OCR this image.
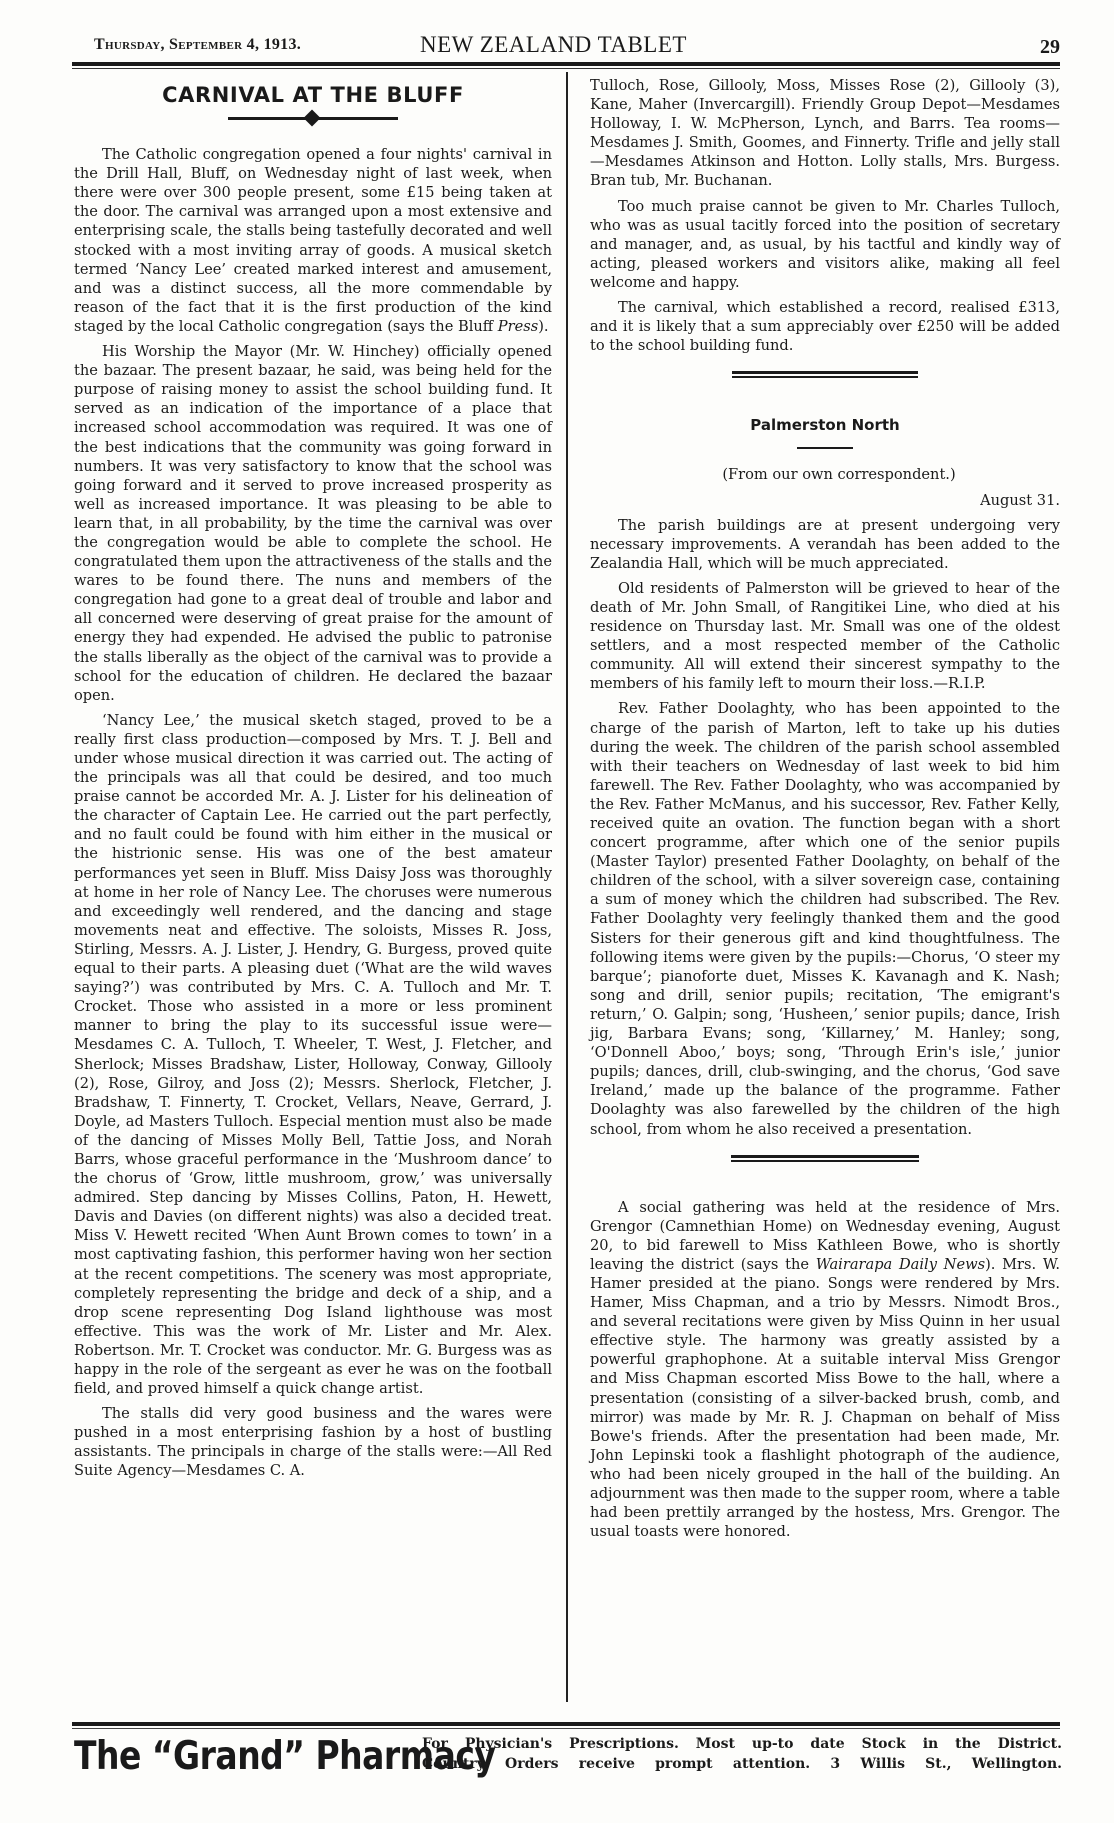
Thursday, September 4, 1913.	NEW ZEALAND TABLET	29
CARNIVAL AT THE BLUFF

The Catholic congregation opened a four nights' carnival in the Drill Hall, Bluff, on Wednesday night of last week, when there were over 300 people present, some £15 being taken at the door. The carnival was arranged upon a most extensive and enterprising scale, the stalls being tastefully decorated and well stocked with a most inviting array of goods. A musical sketch termed ‘Nancy Lee’ created marked interest and amusement, and was a distinct success, all the more commendable by reason of the fact that it is the first production of the kind staged by the local Catholic congregation (says the Bluff Press).

His Worship the Mayor (Mr. W. Hinchey) officially opened the bazaar. The present bazaar, he said, was being held for the purpose of raising money to assist the school building fund. It served as an indication of the importance of a place that increased school accommodation was required. It was one of the best indications that the community was going forward in numbers. It was very satisfactory to know that the school was going forward and it served to prove increased prosperity as well as increased importance. It was pleasing to be able to learn that, in all probability, by the time the carnival was over the congregation would be able to complete the school. He congratulated them upon the attractiveness of the stalls and the wares to be found there. The nuns and members of the congregation had gone to a great deal of trouble and labor and all concerned were deserving of great praise for the amount of energy they had expended. He advised the public to patronise the stalls liberally as the object of the carnival was to provide a school for the education of children. He declared the bazaar open.

‘Nancy Lee,’ the musical sketch staged, proved to be a really first class production—composed by Mrs. T. J. Bell and under whose musical direction it was carried out. The acting of the principals was all that could be desired, and too much praise cannot be accorded Mr. A. J. Lister for his delineation of the character of Captain Lee. He carried out the part perfectly, and no fault could be found with him either in the musical or the histrionic sense. His was one of the best amateur performances yet seen in Bluff. Miss Daisy Joss was thoroughly at home in her role of Nancy Lee. The choruses were numerous and exceedingly well rendered, and the dancing and stage movements neat and effective. The soloists, Misses R. Joss, Stirling, Messrs. A. J. Lister, J. Hendry, G. Burgess, proved quite equal to their parts. A pleasing duet (‘What are the wild waves saying?’) was contributed by Mrs. C. A. Tulloch and Mr. T. Crocket. Those who assisted in a more or less prominent manner to bring the play to its successful issue were—Mesdames C. A. Tulloch, T. Wheeler, T. West, J. Fletcher, and Sherlock; Misses Bradshaw, Lister, Holloway, Conway, Gillooly (2), Rose, Gilroy, and Joss (2); Messrs. Sherlock, Fletcher, J. Bradshaw, T. Finnerty, T. Crocket, Vellars, Neave, Gerrard, J. Doyle, ad Masters Tulloch. Especial mention must also be made of the dancing of Misses Molly Bell, Tattie Joss, and Norah Barrs, whose graceful performance in the ‘Mushroom dance’ to the chorus of ‘Grow, little mushroom, grow,’ was universally admired. Step dancing by Misses Collins, Paton, H. Hewett, Davis and Davies (on different nights) was also a decided treat. Miss V. Hewett recited ‘When Aunt Brown comes to town’ in a most captivating fashion, this performer having won her section at the recent competitions. The scenery was most appropriate, completely representing the bridge and deck of a ship, and a drop scene representing Dog Island lighthouse was most effective. This was the work of Mr. Lister and Mr. Alex. Robertson. Mr. T. Crocket was conductor. Mr. G. Burgess was as happy in the role of the sergeant as ever he was on the football field, and proved himself a quick change artist.

The stalls did very good business and the wares were pushed in a most enterprising fashion by a host of bustling assistants. The principals in charge of the stalls were:—All Red Suite Agency—Mesdames C. A.

Tulloch, Rose, Gillooly, Moss, Misses Rose (2), Gillooly (3), Kane, Maher (Invercargill). Friendly Group Depot—Mesdames Holloway, I. W. McPherson, Lynch, and Barrs. Tea rooms—Mesdames J. Smith, Goomes, and Finnerty. Trifle and jelly stall—Mesdames Atkinson and Hotton. Lolly stalls, Mrs. Burgess. Bran tub, Mr. Buchanan.

Too much praise cannot be given to Mr. Charles Tulloch, who was as usual tacitly forced into the position of secretary and manager, and, as usual, by his tactful and kindly way of acting, pleased workers and visitors alike, making all feel welcome and happy.

The carnival, which established a record, realised £313, and it is likely that a sum appreciably over £250 will be added to the school building fund.

Palmerston North

(From our own correspondent.)

August 31.

The parish buildings are at present undergoing very necessary improvements. A verandah has been added to the Zealandia Hall, which will be much appreciated.

Old residents of Palmerston will be grieved to hear of the death of Mr. John Small, of Rangitikei Line, who died at his residence on Thursday last. Mr. Small was one of the oldest settlers, and a most respected member of the Catholic community. All will extend their sincerest sympathy to the members of his family left to mourn their loss.—R.I.P.

Rev. Father Doolaghty, who has been appointed to the charge of the parish of Marton, left to take up his duties during the week. The children of the parish school assembled with their teachers on Wednesday of last week to bid him farewell. The Rev. Father Doolaghty, who was accompanied by the Rev. Father McManus, and his successor, Rev. Father Kelly, received quite an ovation. The function began with a short concert programme, after which one of the senior pupils (Master Taylor) presented Father Doolaghty, on behalf of the children of the school, with a silver sovereign case, containing a sum of money which the children had subscribed. The Rev. Father Doolaghty very feelingly thanked them and the good Sisters for their generous gift and kind thoughtfulness. The following items were given by the pupils:—Chorus, ‘O steer my barque’; pianoforte duet, Misses K. Kavanagh and K. Nash; song and drill, senior pupils; recitation, ‘The emigrant's return,’ O. Galpin; song, ‘Husheen,’ senior pupils; dance, Irish jig, Barbara Evans; song, ‘Killarney,’ M. Hanley; song, ‘O'Donnell Aboo,’ boys; song, ‘Through Erin's isle,’ junior pupils; dances, drill, club-swinging, and the chorus, ‘God save Ireland,’ made up the balance of the programme. Father Doolaghty was also farewelled by the children of the high school, from whom he also received a presentation.

A social gathering was held at the residence of Mrs. Grengor (Camnethian Home) on Wednesday evening, August 20, to bid farewell to Miss Kathleen Bowe, who is shortly leaving the district (says the Wairarapa Daily News). Mrs. W. Hamer presided at the piano. Songs were rendered by Mrs. Hamer, Miss Chapman, and a trio by Messrs. Nimodt Bros., and several recitations were given by Miss Quinn in her usual effective style. The harmony was greatly assisted by a powerful graphophone. At a suitable interval Miss Grengor and Miss Chapman escorted Miss Bowe to the hall, where a presentation (consisting of a silver-backed brush, comb, and mirror) was made by Mr. R. J. Chapman on behalf of Miss Bowe's friends. After the presentation had been made, Mr. John Lepinski took a flashlight photograph of the audience, who had been nicely grouped in the hall of the building. An adjournment was then made to the supper room, where a table had been prettily arranged by the hostess, Mrs. Grengor. The usual toasts were honored.

The “Grand” Pharmacy
For Physician's Prescriptions. Most up-to date Stock in the District.
Country Orders receive prompt attention. 3 Willis St., Wellington.
